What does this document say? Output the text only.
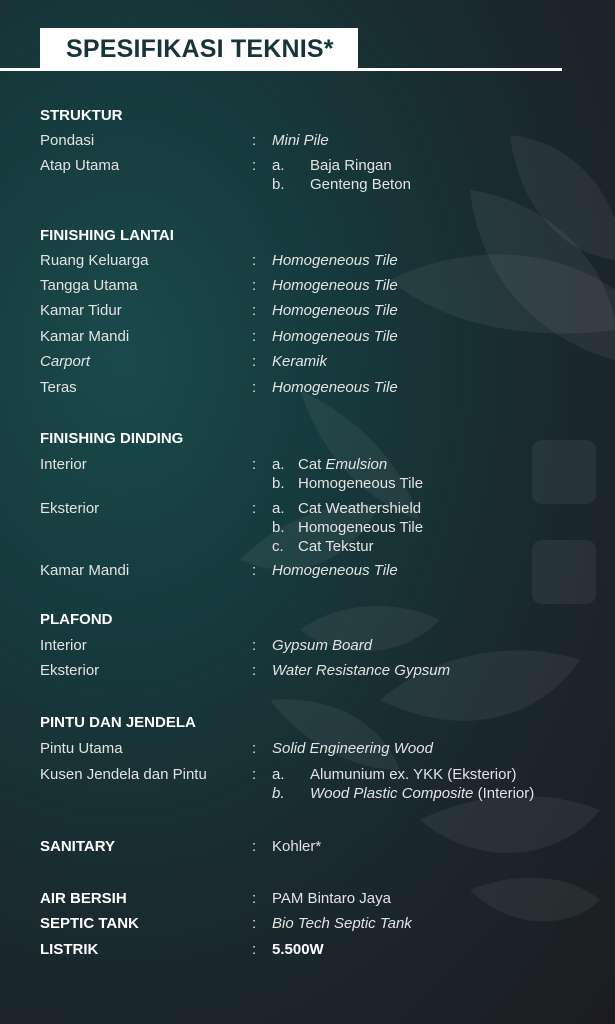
SPESIFIKASI TEKNIS*
STRUKTUR
Pondasi	: Mini Pile
Atap Utama	: a. Baja Ringan
b. Genteng Beton
FINISHING LANTAI
Ruang Keluarga	: Homogeneous Tile
Tangga Utama	: Homogeneous Tile
Kamar Tidur	: Homogeneous Tile
Kamar Mandi	: Homogeneous Tile
Carport	: Keramik
Teras	: Homogeneous Tile
FINISHING DINDING
Interior	: a. Cat Emulsion
b. Homogeneous Tile
Eksterior	: a. Cat Weathershield
b. Homogeneous Tile
c. Cat Tekstur
Kamar Mandi	: Homogeneous Tile
PLAFOND
Interior	: Gypsum Board
Eksterior	: Water Resistance Gypsum
PINTU DAN JENDELA
Pintu Utama	: Solid Engineering Wood
Kusen Jendela dan Pintu	: a. Alumunium ex. YKK (Eksterior)
b. Wood Plastic Composite (Interior)
SANITARY	: Kohler*
AIR BERSIH	: PAM Bintaro Jaya
SEPTIC TANK	: Bio Tech Septic Tank
LISTRIK	: 5.500W
